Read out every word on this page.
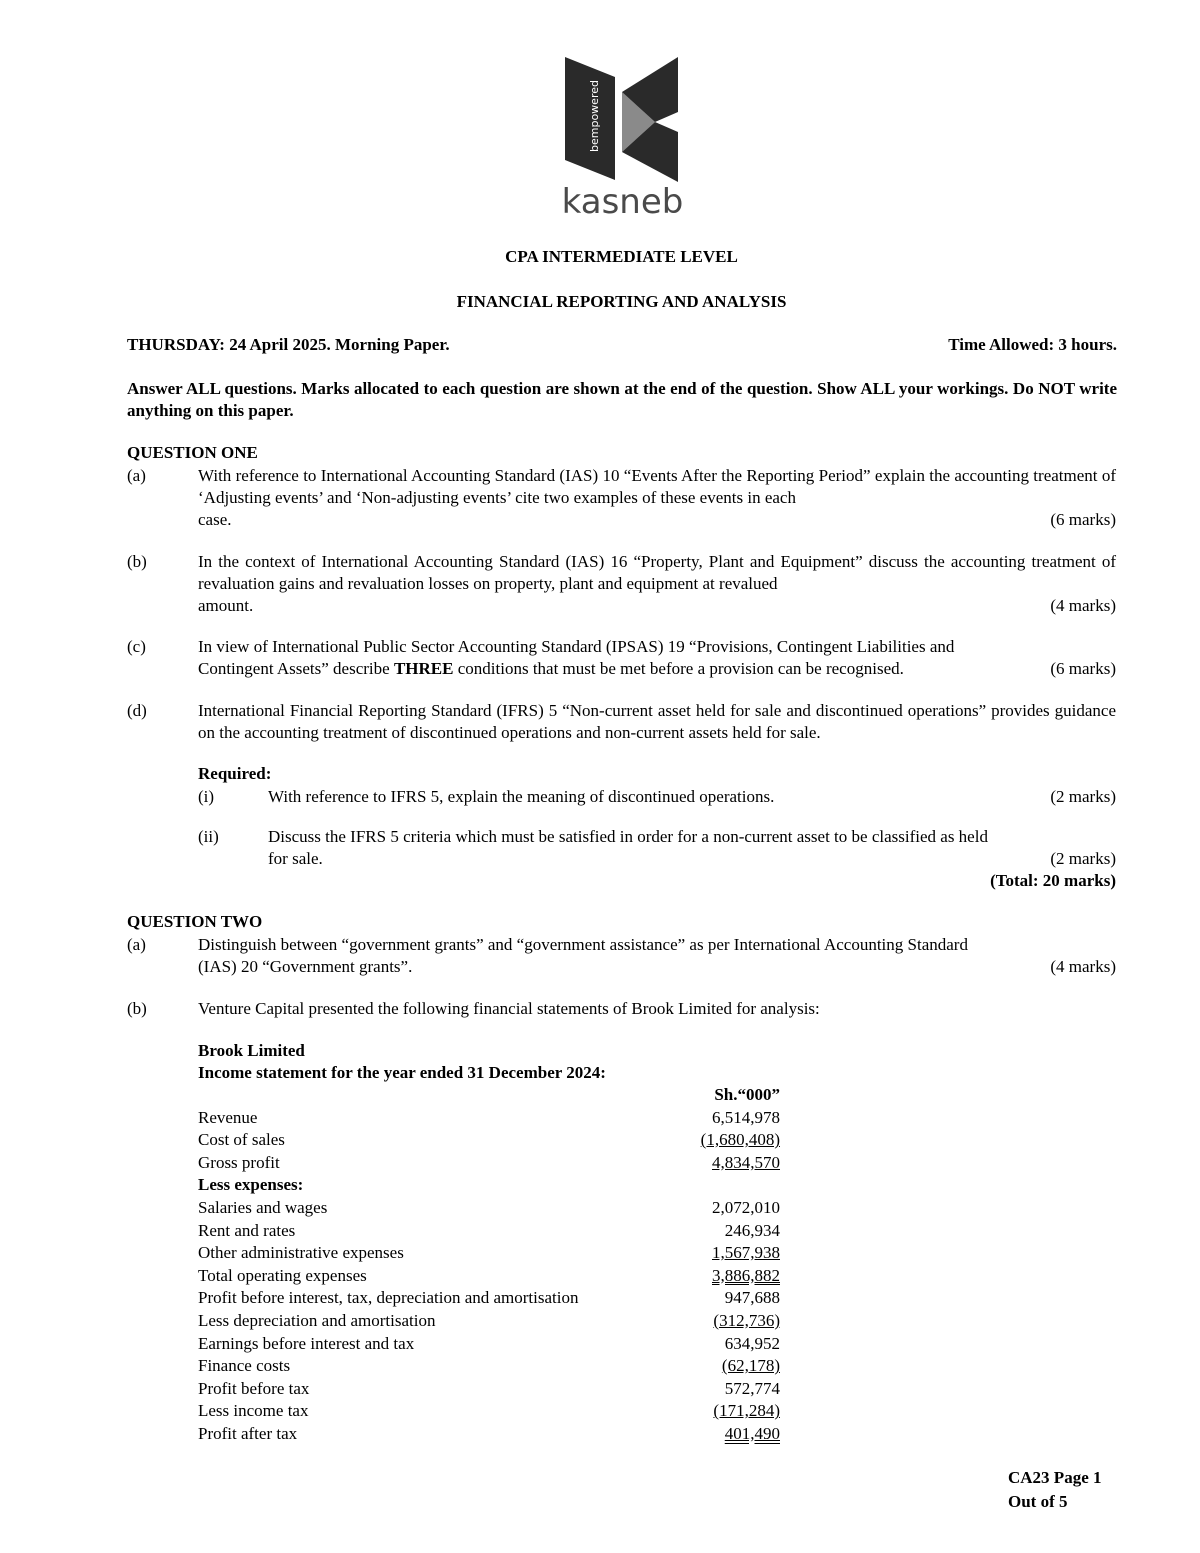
bempowered
kasneb
CPA INTERMEDIATE LEVEL
FINANCIAL REPORTING AND ANALYSIS
THURSDAY: 24 April 2025. Morning Paper.	Time Allowed: 3 hours.
Answer ALL questions. Marks allocated to each question are shown at the end of the question. Show ALL your workings. Do NOT write anything on this paper.
QUESTION ONE
(a)	With reference to International Accounting Standard (IAS) 10 “Events After the Reporting Period” explain the accounting treatment of ‘Adjusting events’ and ‘Non-adjusting events’ cite two examples of these events in each
case.	(6 marks)
(b)	In the context of International Accounting Standard (IAS) 16 “Property, Plant and Equipment” discuss the accounting treatment of revaluation gains and revaluation losses on property, plant and equipment at revalued
amount.	(4 marks)
(c)	In view of International Public Sector Accounting Standard (IPSAS) 19 “Provisions, Contingent Liabilities and
Contingent Assets” describe THREE conditions that must be met before a provision can be recognised.	(6 marks)
(d)	International Financial Reporting Standard (IFRS) 5 “Non-current asset held for sale and discontinued operations” provides guidance on the accounting treatment of discontinued operations and non-current assets held for sale.
Required:
(i)	With reference to IFRS 5, explain the meaning of discontinued operations.	(2 marks)
(ii)	Discuss the IFRS 5 criteria which must be satisfied in order for a non-current asset to be classified as held
for sale.	(2 marks)
(Total: 20 marks)
QUESTION TWO
(a)	Distinguish between “government grants” and “government assistance” as per International Accounting Standard
(IAS) 20 “Government grants”.	(4 marks)
(b)	Venture Capital presented the following financial statements of Brook Limited for analysis:
Brook Limited
Income statement for the year ended 31 December 2024:
Sh.“000”
Revenue	6,514,978
Cost of sales	(1,680,408)
Gross profit	4,834,570
Less expenses:
Salaries and wages	2,072,010
Rent and rates	246,934
Other administrative expenses	1,567,938
Total operating expenses	3,886,882
Profit before interest, tax, depreciation and amortisation	947,688
Less depreciation and amortisation	(312,736)
Earnings before interest and tax	634,952
Finance costs	(62,178)
Profit before tax	572,774
Less income tax	(171,284)
Profit after tax	401,490
CA23 Page 1
Out of 5
